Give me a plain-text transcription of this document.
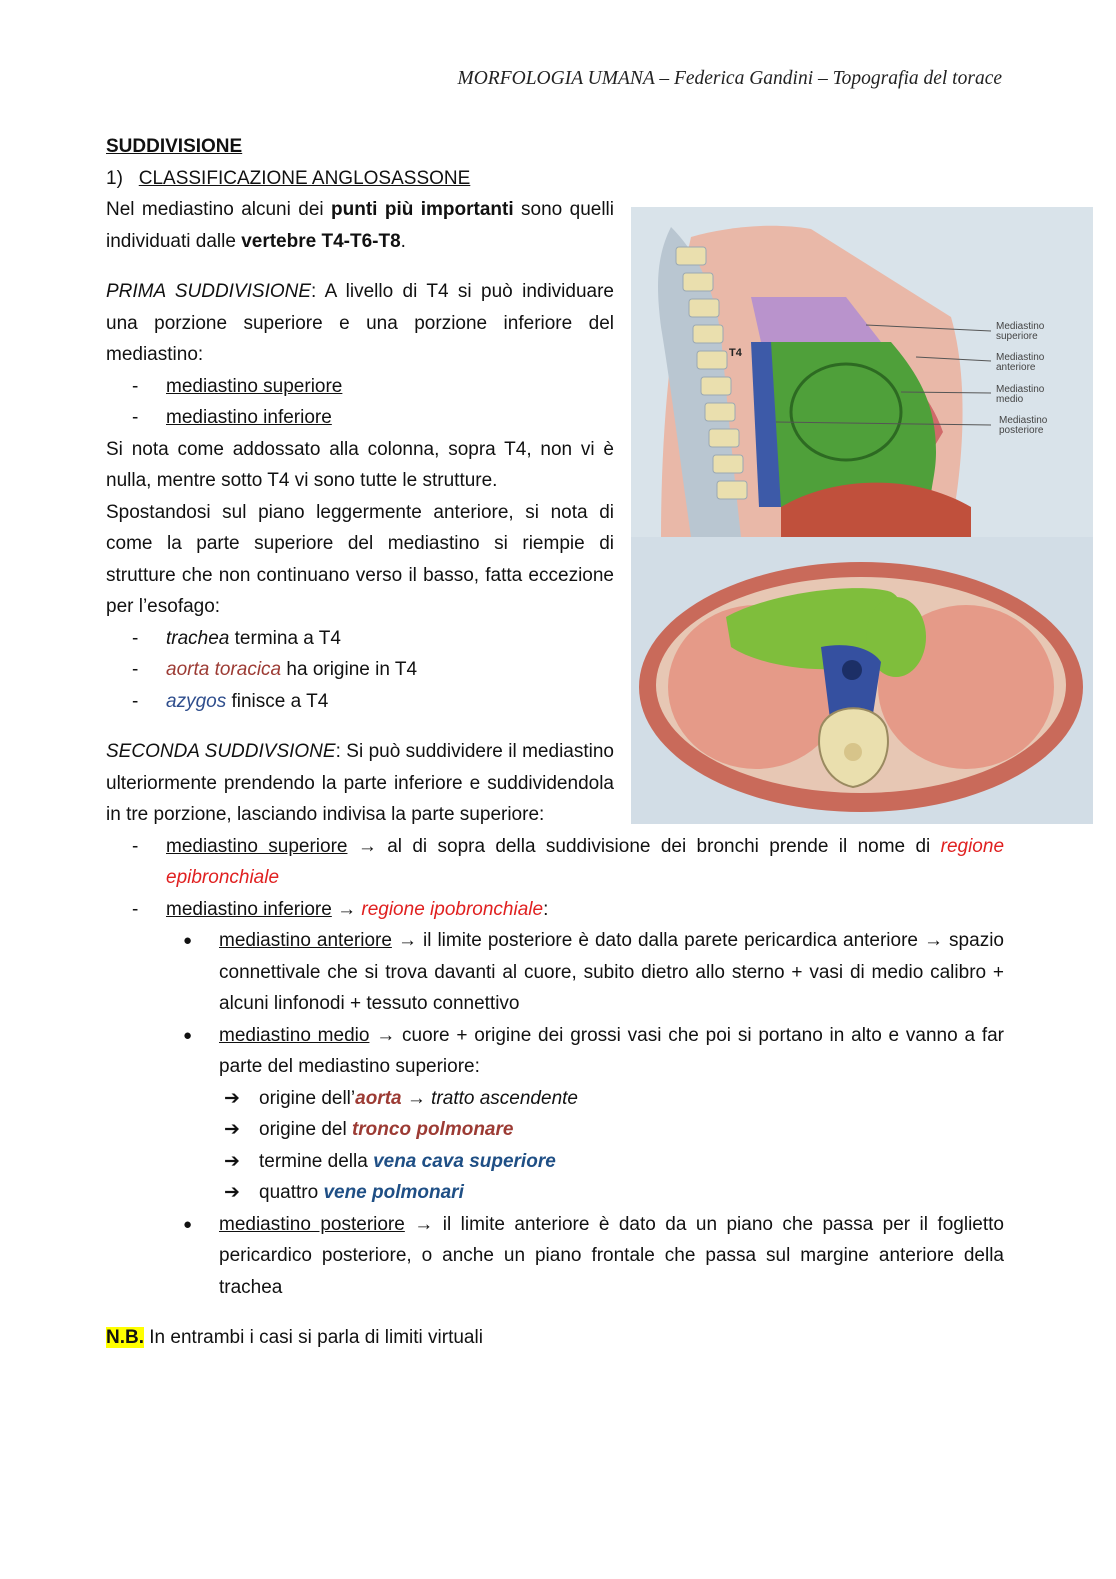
MORFOLOGIA UMANA – Federica Gandini – Topografia del torace

SUDDIVISIONE

1) CLASSIFICAZIONE ANGLOSASSONE

Nel mediastino alcuni dei punti più importanti sono quelli individuati dalle vertebre T4-T6-T8.

PRIMA SUDDIVISIONE: A livello di T4 si può individuare una porzione superiore e una porzione inferiore del mediastino:

- mediastino superiore
- mediastino inferiore

Si nota come addossato alla colonna, sopra T4, non vi è nulla, mentre sotto T4 vi sono tutte le strutture.

Spostandosi sul piano leggermente anteriore, si nota di come la parte superiore del mediastino si riempie di strutture che non continuano verso il basso, fatta eccezione per l’esofago:

- trachea termina a T4
- aorta toracica ha origine in T4
- azygos finisce a T4

SECONDA SUDDIVSIONE: Si può suddividere il mediastino ulteriormente prendendo la parte inferiore e suddividendola in tre porzione, lasciando indivisa la parte superiore:

- mediastino superiore → al di sopra della suddivisione dei bronchi prende il nome di regione epibronchiale
- mediastino inferiore → regione ipobronchiale:
● mediastino anteriore → il limite posteriore è dato dalla parete pericardica anteriore → spazio connettivale che si trova davanti al cuore, subito dietro allo sterno + vasi di medio calibro + alcuni linfonodi + tessuto connettivo
● mediastino medio → cuore + origine dei grossi vasi che poi si portano in alto e vanno a far parte del mediastino superiore:
➔ origine dell’aorta → tratto ascendente
➔ origine del tronco polmonare
➔ termine della vena cava superiore
➔ quattro vene polmonari
● mediastino posteriore → il limite anteriore è dato da un piano che passa per il foglietto pericardico posteriore, o anche un piano frontale che passa sul margine anteriore della trachea

N.B. In entrambi i casi si parla di limiti virtuali

T4
Mediastino
superiore
Mediastino
anteriore
Mediastino
medio
Mediastino
posteriore
